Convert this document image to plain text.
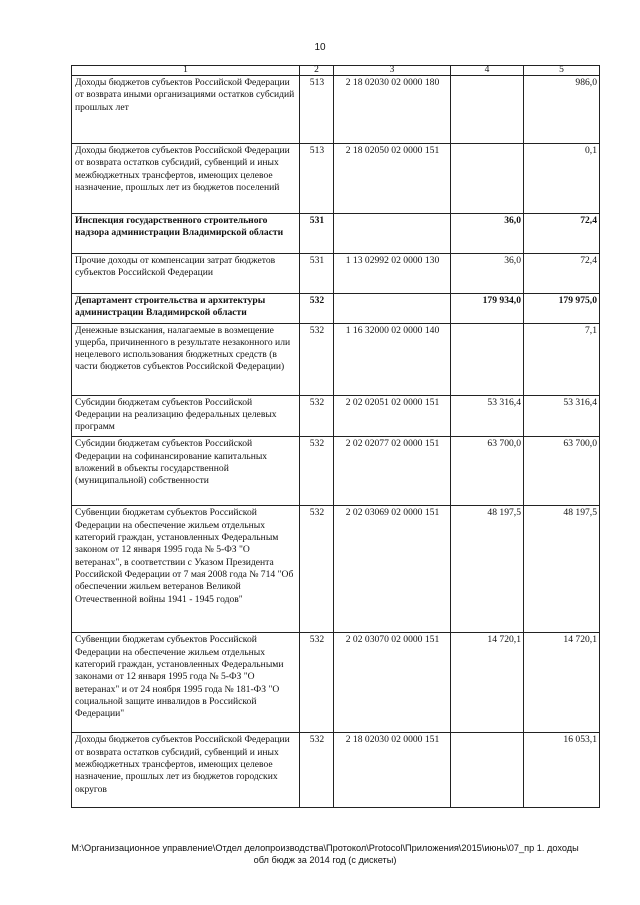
10
1	2	3	4	5
Доходы бюджетов субъектов Российской Федерации от возврата иными организациями остатков субсидий прошлых лет	513	2 18 02030 02 0000 180		986,0
Доходы бюджетов субъектов Российской Федерации от возврата остатков субсидий, субвенций и иных межбюджетных трансфертов, имеющих целевое назначение, прошлых лет из бюджетов поселений	513	2 18 02050 02 0000 151		0,1
Инспекция государственного строительного надзора администрации Владимирской области	531		36,0	72,4
Прочие доходы от компенсации затрат бюджетов субъектов Российской Федерации	531	1 13 02992 02 0000 130	36,0	72,4
Департамент строительства и архитектуры администрации Владимирской области	532		179 934,0	179 975,0
Денежные взыскания, налагаемые в возмещение ущерба, причиненного в результате незаконного или нецелевого использования бюджетных средств (в части бюджетов субъектов Российской Федерации)	532	1 16 32000 02 0000 140		7,1
Субсидии бюджетам субъектов Российской Федерации на реализацию федеральных целевых программ	532	2 02 02051 02 0000 151	53 316,4	53 316,4
Субсидии бюджетам субъектов Российской Федерации на софинансирование капитальных вложений в объекты государственной (муниципальной) собственности	532	2 02 02077 02 0000 151	63 700,0	63 700,0
Субвенции бюджетам субъектов Российской Федерации на обеспечение жильем отдельных категорий граждан, установленных Федеральным законом от 12 января 1995 года № 5-ФЗ "О ветеранах", в соответствии с Указом Президента Российской Федерации от 7 мая 2008 года № 714 "Об обеспечении жильем ветеранов Великой Отечественной войны 1941 - 1945 годов"	532	2 02 03069 02 0000 151	48 197,5	48 197,5
Субвенции бюджетам субъектов Российской Федерации на обеспечение жильем отдельных категорий граждан, установленных Федеральными законами от 12 января 1995 года № 5-ФЗ "О ветеранах" и от 24 ноября 1995 года № 181-ФЗ "О социальной защите инвалидов в Российской Федерации"	532	2 02 03070 02 0000 151	14 720,1	14 720,1
Доходы бюджетов субъектов Российской Федерации от возврата остатков субсидий, субвенций и иных межбюджетных трансфертов, имеющих целевое назначение, прошлых лет из бюджетов городских округов	532	2 18 02030 02 0000 151		16 053,1
M:\Организационное управление\Отдел делопроизводства\Протокол\Protocol\Приложения\2015\июнь\07_пр 1. доходы
обл бюдж за 2014 год (с дискеты)
